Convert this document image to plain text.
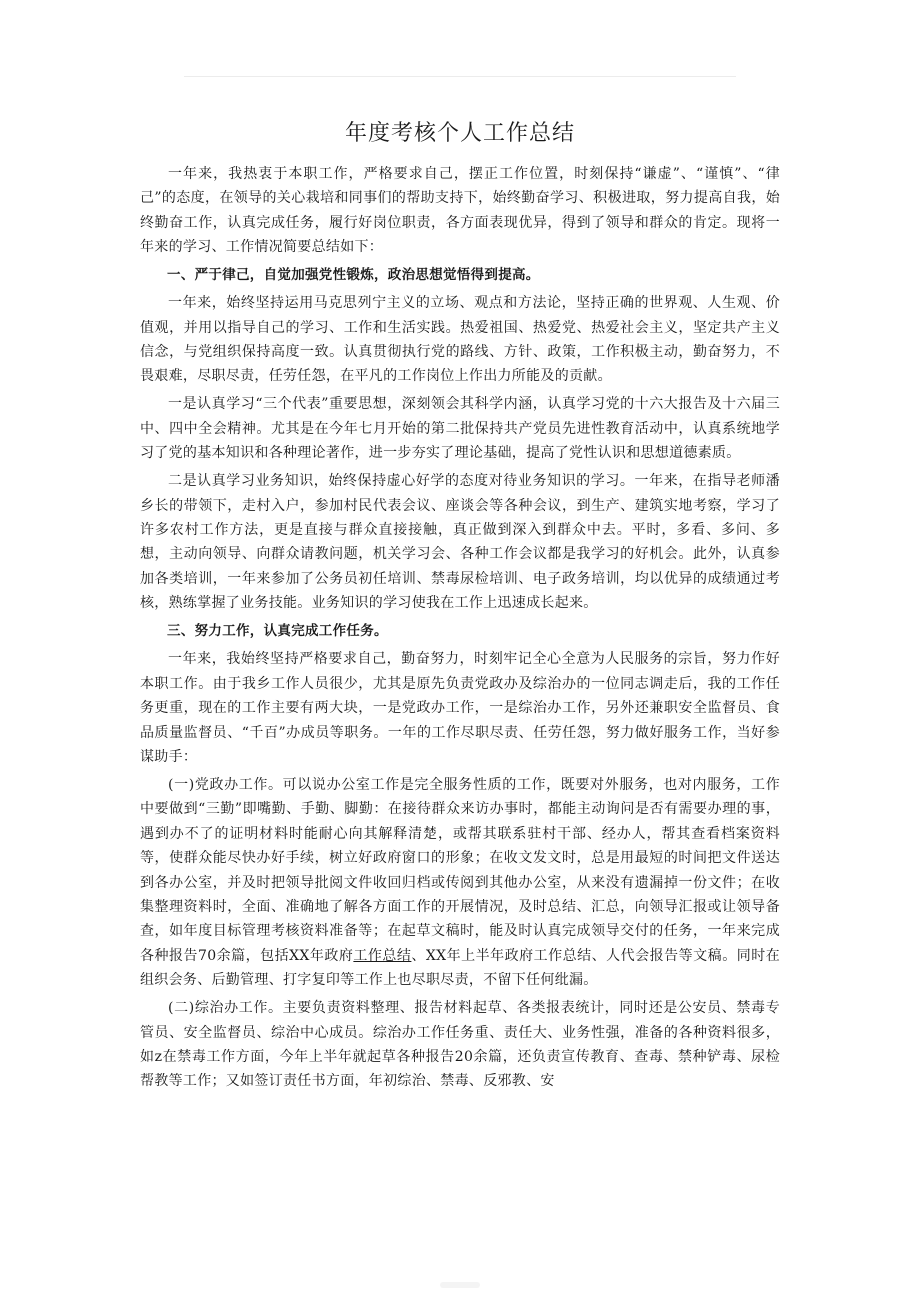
年度考核个人工作总结

一年来，我热衷于本职工作，严格要求自己，摆正工作位置，时刻保持“谦虚”、“谨慎”、“律己”的态度，在领导的关心栽培和同事们的帮助支持下，始终勤奋学习、积极进取，努力提高自我，始终勤奋工作，认真完成任务，履行好岗位职责，各方面表现优异，得到了领导和群众的肯定。现将一年来的学习、工作情况简要总结如下：

一、严于律己，自觉加强党性锻炼，政治思想觉悟得到提高。

一年来，始终坚持运用马克思列宁主义的立场、观点和方法论，坚持正确的世界观、人生观、价值观，并用以指导自己的学习、工作和生活实践。热爱祖国、热爱党、热爱社会主义，坚定共产主义信念，与党组织保持高度一致。认真贯彻执行党的路线、方针、政策，工作积极主动，勤奋努力，不畏艰难，尽职尽责，任劳任怨，在平凡的工作岗位上作出力所能及的贡献。

一是认真学习“三个代表”重要思想，深刻领会其科学内涵，认真学习党的十六大报告及十六届三中、四中全会精神。尤其是在今年七月开始的第二批保持共产党员先进性教育活动中，认真系统地学习了党的基本知识和各种理论著作，进一步夯实了理论基础，提高了党性认识和思想道德素质。

二是认真学习业务知识，始终保持虚心好学的态度对待业务知识的学习。一年来，在指导老师潘乡长的带领下，走村入户，参加村民代表会议、座谈会等各种会议，到生产、建筑实地考察，学习了许多农村工作方法，更是直接与群众直接接触，真正做到深入到群众中去。平时，多看、多问、多想，主动向领导、向群众请教问题，机关学习会、各种工作会议都是我学习的好机会。此外，认真参加各类培训，一年来参加了公务员初任培训、禁毒尿检培训、电子政务培训，均以优异的成绩通过考核，熟练掌握了业务技能。业务知识的学习使我在工作上迅速成长起来。

三、努力工作，认真完成工作任务。

一年来，我始终坚持严格要求自己，勤奋努力，时刻牢记全心全意为人民服务的宗旨，努力作好本职工作。由于我乡工作人员很少，尤其是原先负责党政办及综治办的一位同志调走后，我的工作任务更重，现在的工作主要有两大块，一是党政办工作，一是综治办工作，另外还兼职安全监督员、食品质量监督员、“千百”办成员等职务。一年的工作尽职尽责、任劳任怨，努力做好服务工作，当好参谋助手：

(一)党政办工作。可以说办公室工作是完全服务性质的工作，既要对外服务，也对内服务，工作中要做到“三勤”即嘴勤、手勤、脚勤：在接待群众来访办事时，都能主动询问是否有需要办理的事，遇到办不了的证明材料时能耐心向其解释清楚，或帮其联系驻村干部、经办人，帮其查看档案资料等，使群众能尽快办好手续，树立好政府窗口的形象；在收文发文时，总是用最短的时间把文件送达到各办公室，并及时把领导批阅文件收回归档或传阅到其他办公室，从来没有遗漏掉一份文件；在收集整理资料时，全面、准确地了解各方面工作的开展情况，及时总结、汇总，向领导汇报或让领导备查，如年度目标管理考核资料准备等；在起草文稿时，能及时认真完成领导交付的任务，一年来完成各种报告70余篇，包括XX年政府工作总结、XX年上半年政府工作总结、人代会报告等文稿。同时在组织会务、后勤管理、打字复印等工作上也尽职尽责，不留下任何纰漏。

(二)综治办工作。主要负责资料整理、报告材料起草、各类报表统计，同时还是公安员、禁毒专管员、安全监督员、综治中心成员。综治办工作任务重、责任大、业务性强，准备的各种资料很多，如z在禁毒工作方面，今年上半年就起草各种报告20余篇，还负责宣传教育、查毒、禁种铲毒、尿检帮教等工作；又如签订责任书方面，年初综治、禁毒、反邪教、安
